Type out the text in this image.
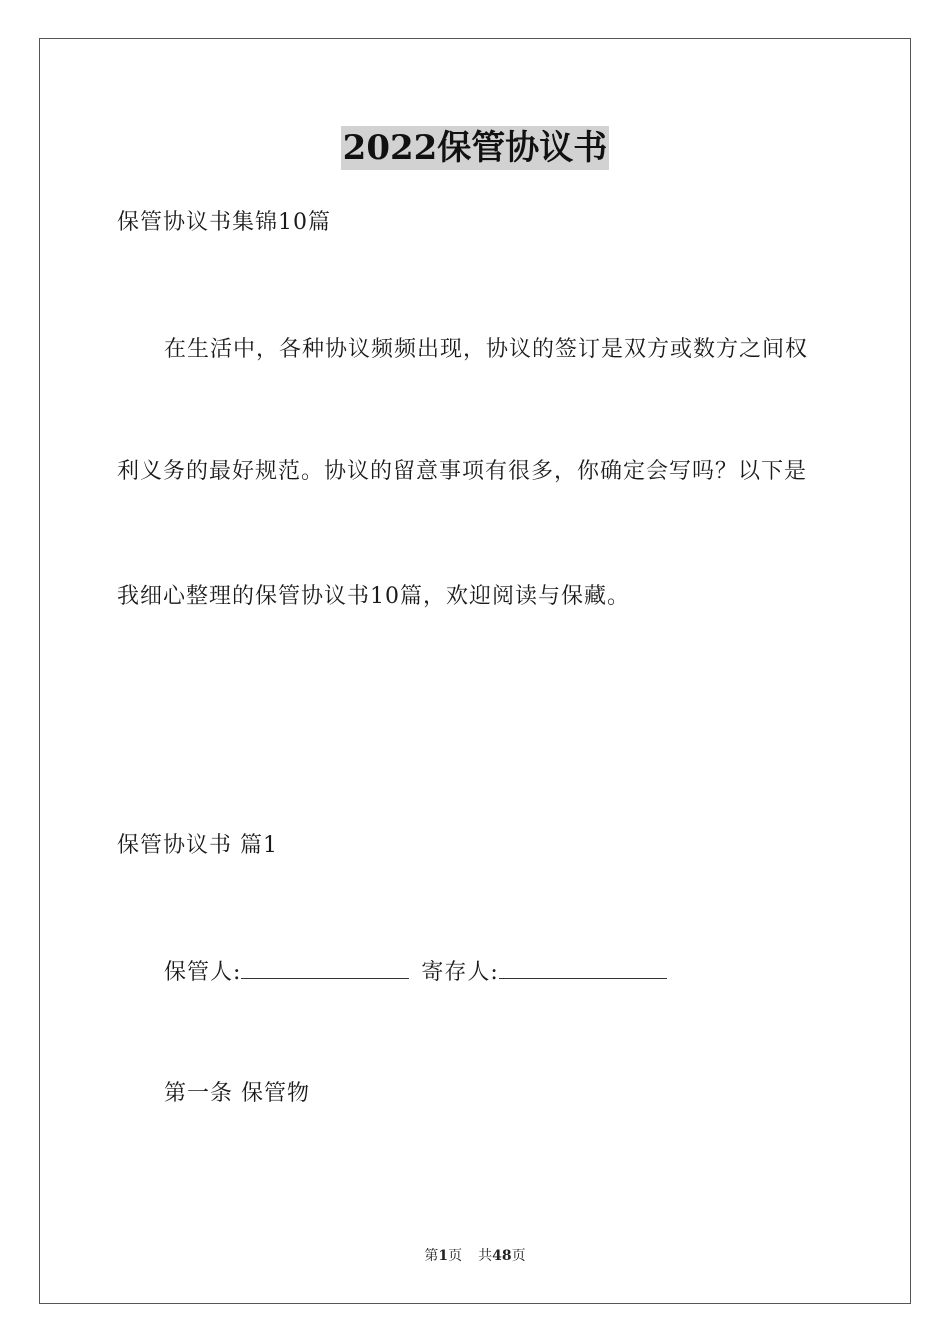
2022保管协议书
保管协议书集锦10篇
在生活中，各种协议频频出现，协议的签订是双方或数方之间权
利义务的最好规范。协议的留意事项有很多，你确定会写吗？以下是
我细心整理的保管协议书10篇，欢迎阅读与保藏。
保管协议书 篇1
保管人:	寄存人:
第一条 保管物
第1页 共48页
